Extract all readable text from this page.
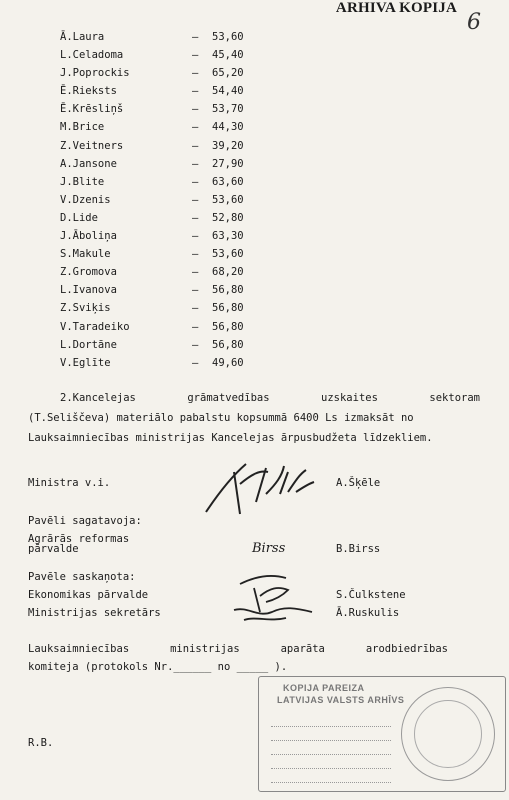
ARHIVA KOPIJA
6
Ā.Laura	–	53,60
L.Celadoma	–	45,40
J.Poprockis	–	65,20
Ē.Rieksts	–	54,40
Ē.Krēsliņš	–	53,70
M.Brice	–	44,30
Z.Veitners	–	39,20
A.Jansone	–	27,90
J.Blite	–	63,60
V.Dzenis	–	53,60
D.Lide	–	52,80
J.Āboliņa	–	63,30
S.Makule	–	53,60
Z.Gromova	–	68,20
L.Ivanova	–	56,80
Z.Sviķis	–	56,80
V.Taradeiko	–	56,80
L.Dortāne	–	56,80
V.Eglīte	–	49,60
2.Kancelejas grāmatvedības uzskaites sektoram
(T.Seliščeva) materiālo pabalstu kopsummā 6400 Ls izmaksāt no
Lauksaimniecības ministrijas Kancelejas ārpusbudžeta līdzekliem.
Ministra v.i.	A.Šķēle
Pavēli sagatavoja:
Agrārās reformas
pārvalde	B.Birss
Birss
Pavēle saskaņota:
Ekonomikas pārvalde	S.Čulkstene
Ministrijas sekretārs	Ā.Ruskulis
Lauksaimniecības ministrijas aparāta arodbiedrības
komiteja (protokols Nr.______ no _____ ).
R.B.
KOPIJA PAREIZA
LATVIJAS VALSTS ARHĪVS
